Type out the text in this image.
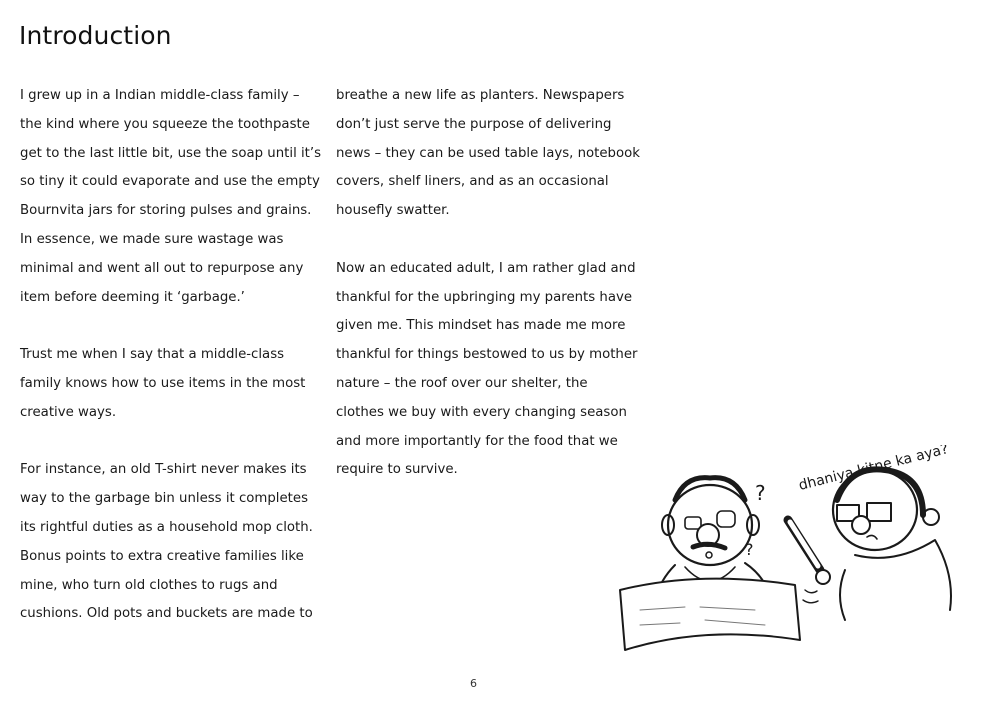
Introduction

I grew up in a Indian middle-class family –
the kind where you squeeze the toothpaste
get to the last little bit, use the soap until it’s
so tiny it could evaporate and use the empty
Bournvita jars for storing pulses and grains.
In essence, we made sure wastage was
minimal and went all out to repurpose any
item before deeming it ‘garbage.’

Trust me when I say that a middle-class
family knows how to use items in the most
creative ways.

For instance, an old T-shirt never makes its
way to the garbage bin unless it completes
its rightful duties as a household mop cloth.
Bonus points to extra creative families like
mine, who turn old clothes to rugs and
cushions. Old pots and buckets are made to

breathe a new life as planters. Newspapers
don’t just serve the purpose of delivering
news – they can be used table lays, notebook
covers, shelf liners, and as an occasional
housefly swatter.

Now an educated adult, I am rather glad and
thankful for the upbringing my parents have
given me. This mindset has made me more
thankful for things bestowed to us by mother
nature – the roof over our shelter, the
clothes we buy with every changing season
and more importantly for the food that we
require to survive.

?
?
dhaniya kitne ka aya?
6
